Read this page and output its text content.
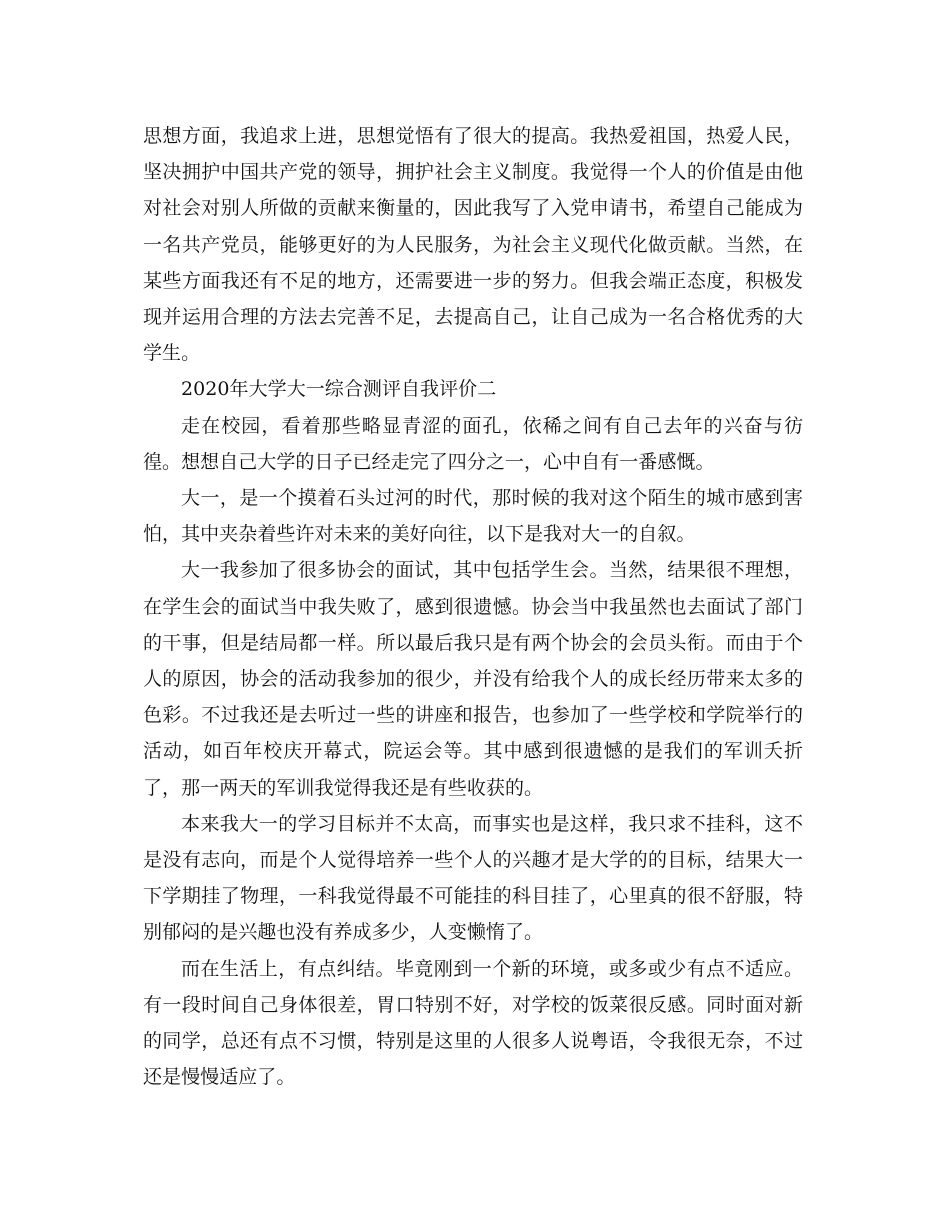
思想方面，我追求上进，思想觉悟有了很大的提高。我热爱祖国，热爱人民，坚决拥护中国共产党的领导，拥护社会主义制度。我觉得一个人的价值是由他对社会对别人所做的贡献来衡量的，因此我写了入党申请书，希望自己能成为一名共产党员，能够更好的为人民服务，为社会主义现代化做贡献。当然，在某些方面我还有不足的地方，还需要进一步的努力。但我会端正态度，积极发现并运用合理的方法去完善不足，去提高自己，让自己成为一名合格优秀的大学生。

2020年大学大一综合测评自我评价二

走在校园，看着那些略显青涩的面孔，依稀之间有自己去年的兴奋与彷徨。想想自己大学的日子已经走完了四分之一，心中自有一番感慨。

大一，是一个摸着石头过河的时代，那时候的我对这个陌生的城市感到害怕，其中夹杂着些许对未来的美好向往，以下是我对大一的自叙。

大一我参加了很多协会的面试，其中包括学生会。当然，结果很不理想，在学生会的面试当中我失败了，感到很遗憾。协会当中我虽然也去面试了部门的干事，但是结局都一样。所以最后我只是有两个协会的会员头衔。而由于个人的原因，协会的活动我参加的很少，并没有给我个人的成长经历带来太多的色彩。不过我还是去听过一些的讲座和报告，也参加了一些学校和学院举行的活动，如百年校庆开幕式，院运会等。其中感到很遗憾的是我们的军训夭折了，那一两天的军训我觉得我还是有些收获的。

本来我大一的学习目标并不太高，而事实也是这样，我只求不挂科，这不是没有志向，而是个人觉得培养一些个人的兴趣才是大学的的目标，结果大一下学期挂了物理，一科我觉得最不可能挂的科目挂了，心里真的很不舒服，特别郁闷的是兴趣也没有养成多少，人变懒惰了。

而在生活上，有点纠结。毕竟刚到一个新的环境，或多或少有点不适应。有一段时间自己身体很差，胃口特别不好，对学校的饭菜很反感。同时面对新的同学，总还有点不习惯，特别是这里的人很多人说粤语，令我很无奈，不过还是慢慢适应了。
